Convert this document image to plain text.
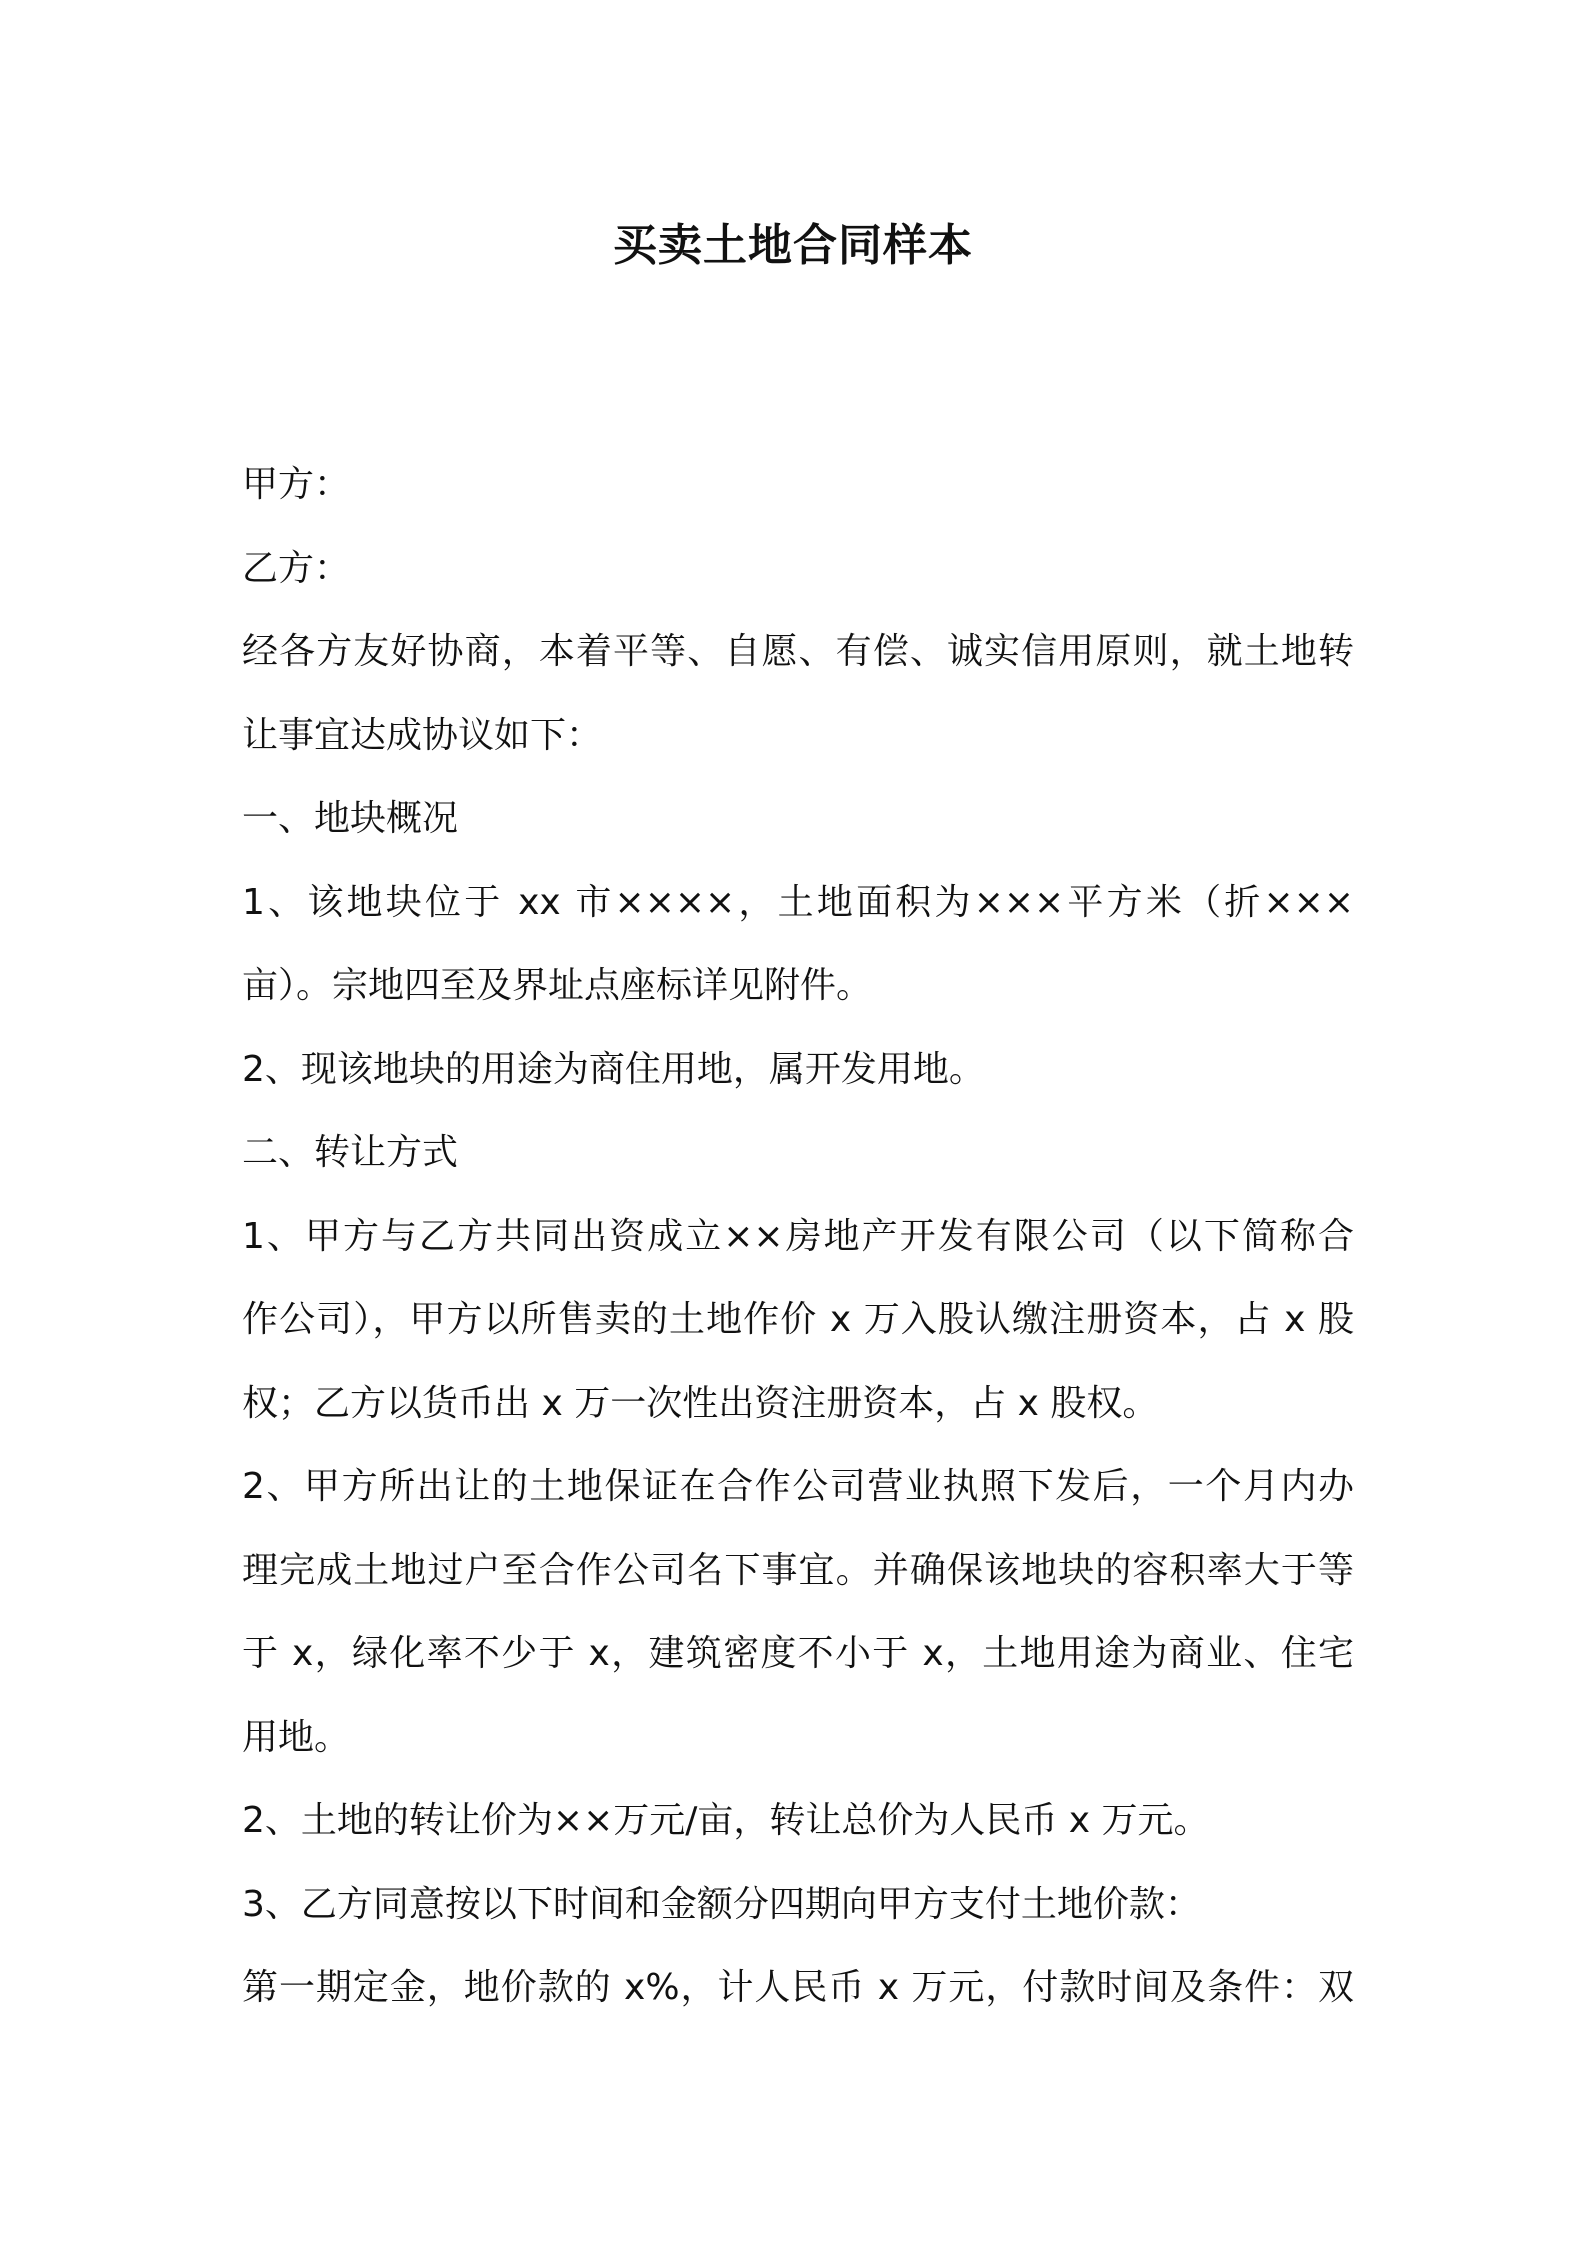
买卖土地合同样本
甲方：
乙方：
经各方友好协商，本着平等、自愿、有偿、诚实信用原则，就土地转
让事宜达成协议如下：
一、地块概况
1、该地块位于 xx 市××××，土地面积为×××平方米（折×××
亩）。宗地四至及界址点座标详见附件。
2、现该地块的用途为商住用地，属开发用地。
二、转让方式
1、甲方与乙方共同出资成立××房地产开发有限公司（以下简称合
作公司），甲方以所售卖的土地作价 x 万入股认缴注册资本，占 x 股
权；乙方以货币出 x 万一次性出资注册资本，占 x 股权。
2、甲方所出让的土地保证在合作公司营业执照下发后，一个月内办
理完成土地过户至合作公司名下事宜。并确保该地块的容积率大于等
于 x，绿化率不少于 x，建筑密度不小于 x，土地用途为商业、住宅
用地。
2、土地的转让价为××万元/亩，转让总价为人民币 x 万元。
3、乙方同意按以下时间和金额分四期向甲方支付土地价款：
第一期定金，地价款的 x%，计人民币 x 万元，付款时间及条件：双
